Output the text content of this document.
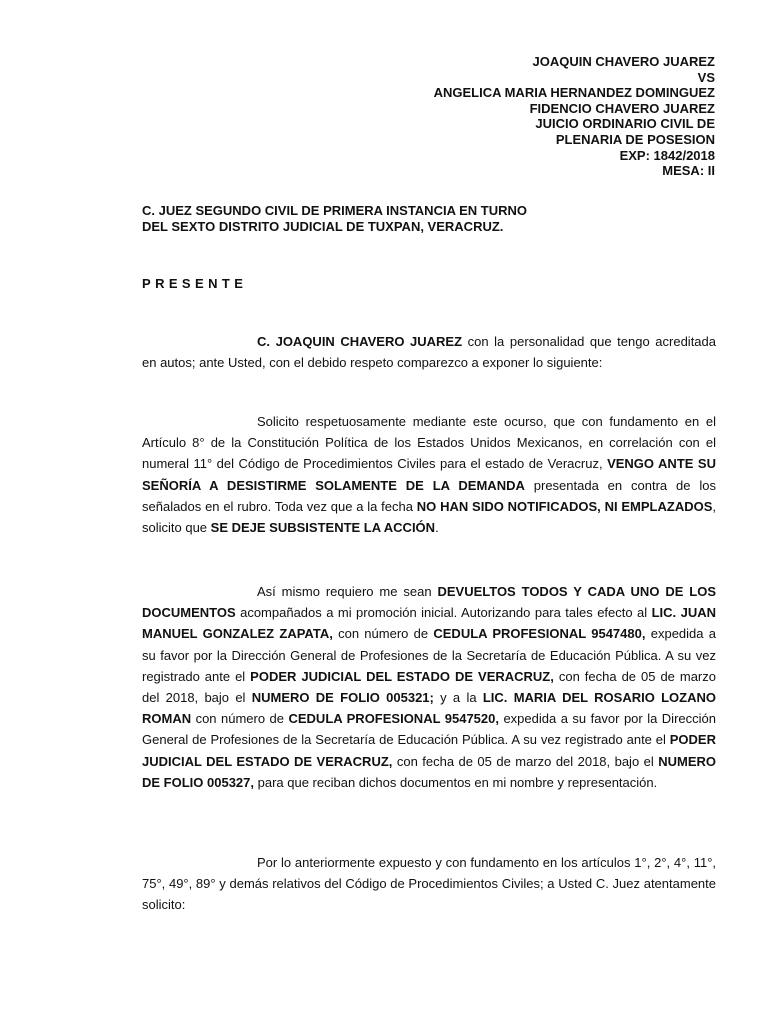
JOAQUIN CHAVERO JUAREZ
VS
ANGELICA MARIA HERNANDEZ DOMINGUEZ
FIDENCIO CHAVERO JUAREZ
JUICIO ORDINARIO CIVIL DE
PLENARIA DE POSESION
EXP: 1842/2018
MESA: II
C. JUEZ SEGUNDO CIVIL DE PRIMERA INSTANCIA EN TURNO
DEL SEXTO DISTRITO JUDICIAL DE TUXPAN, VERACRUZ.
PRESENTE

C. JOAQUIN CHAVERO JUAREZ con la personalidad que tengo acreditada en autos; ante Usted, con el debido respeto comparezco a exponer lo siguiente:

Solicito respetuosamente mediante este ocurso, que con fundamento en el Artículo 8° de la Constitución Política de los Estados Unidos Mexicanos, en correlación con el numeral 11° del Código de Procedimientos Civiles para el estado de Veracruz, VENGO ANTE SU SEÑORÍA A DESISTIRME SOLAMENTE DE LA DEMANDA presentada en contra de los señalados en el rubro. Toda vez que a la fecha NO HAN SIDO NOTIFICADOS, NI EMPLAZADOS, solicito que SE DEJE SUBSISTENTE LA ACCIÓN.

Así mismo requiero me sean DEVUELTOS TODOS Y CADA UNO DE LOS DOCUMENTOS acompañados a mi promoción inicial. Autorizando para tales efecto al LIC. JUAN MANUEL GONZALEZ ZAPATA, con número de CEDULA PROFESIONAL 9547480, expedida a su favor por la Dirección General de Profesiones de la Secretaría de Educación Pública. A su vez registrado ante el PODER JUDICIAL DEL ESTADO DE VERACRUZ, con fecha de 05 de marzo del 2018, bajo el NUMERO DE FOLIO 005321; y a la LIC. MARIA DEL ROSARIO LOZANO ROMAN con número de CEDULA PROFESIONAL 9547520, expedida a su favor por la Dirección General de Profesiones de la Secretaría de Educación Pública. A su vez registrado ante el PODER JUDICIAL DEL ESTADO DE VERACRUZ, con fecha de 05 de marzo del 2018, bajo el NUMERO DE FOLIO 005327, para que reciban dichos documentos en mi nombre y representación.

Por lo anteriormente expuesto y con fundamento en los artículos 1°, 2°, 4°, 11°, 75°, 49°, 89° y demás relativos del Código de Procedimientos Civiles; a Usted C. Juez atentamente solicito:
